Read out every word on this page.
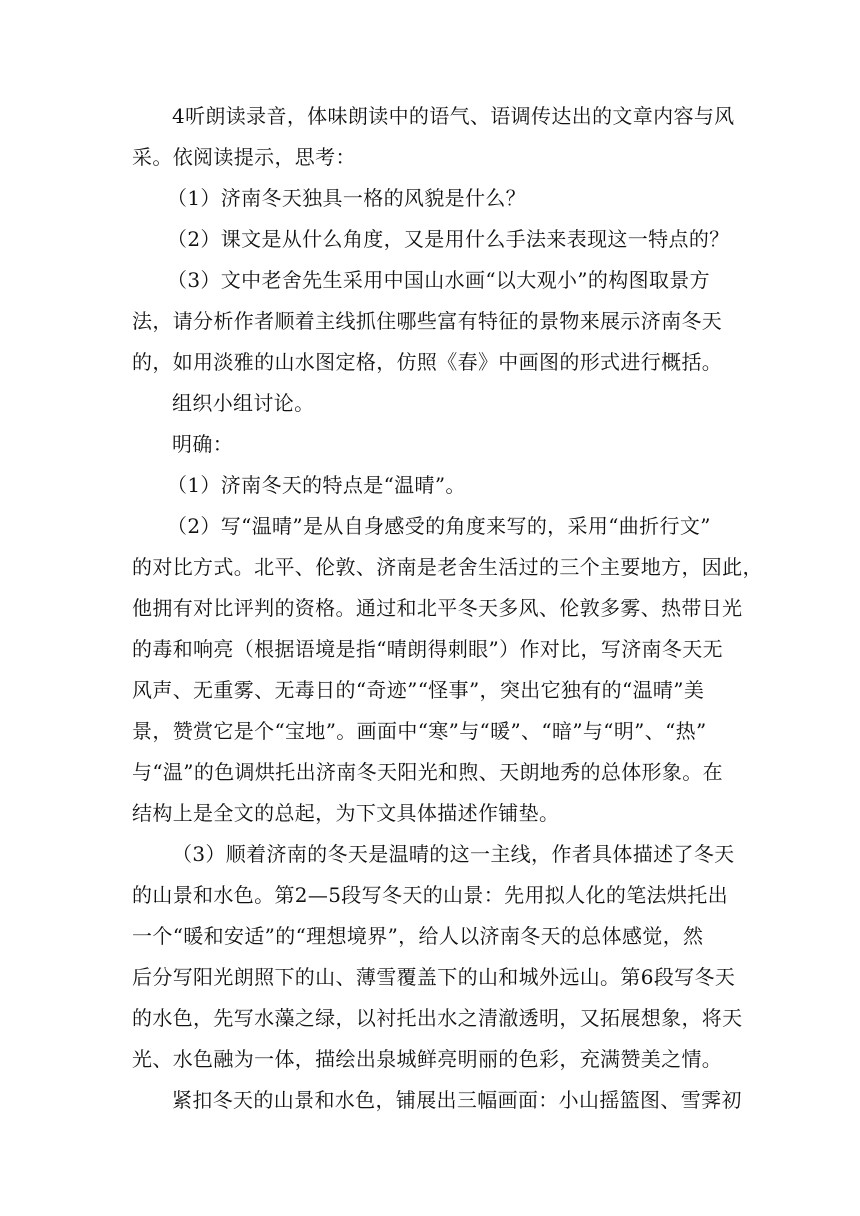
4听朗读录音，体味朗读中的语气、语调传达出的文章内容与风
采。依阅读提示，思考：
（1）济南冬天独具一格的风貌是什么？
（2）课文是从什么角度，又是用什么手法来表现这一特点的？
（3）文中老舍先生采用中国山水画“以大观小”的构图取景方
法，请分析作者顺着主线抓住哪些富有特征的景物来展示济南冬天
的，如用淡雅的山水图定格，仿照《春》中画图的形式进行概括。
组织小组讨论。
明确：
（1）济南冬天的特点是“温晴”。
（2）写“温晴”是从自身感受的角度来写的，采用“曲折行文”
的对比方式。北平、伦敦、济南是老舍生活过的三个主要地方，因此，
他拥有对比评判的资格。通过和北平冬天多风、伦敦多雾、热带日光
的毒和响亮（根据语境是指“晴朗得刺眼”）作对比，写济南冬天无
风声、无重雾、无毒日的“奇迹”“怪事”，突出它独有的“温晴”美
景，赞赏它是个“宝地”。画面中“寒”与“暖”、“暗”与“明”、“热”
与“温”的色调烘托出济南冬天阳光和煦、天朗地秀的总体形象。在
结构上是全文的总起，为下文具体描述作铺垫。
（3）顺着济南的冬天是温晴的这一主线，作者具体描述了冬天
的山景和水色。第2—5段写冬天的山景：先用拟人化的笔法烘托出
一个“暖和安适”的“理想境界”，给人以济南冬天的总体感觉，然
后分写阳光朗照下的山、薄雪覆盖下的山和城外远山。第6段写冬天
的水色，先写水藻之绿，以衬托出水之清澈透明，又拓展想象，将天
光、水色融为一体，描绘出泉城鲜亮明丽的色彩，充满赞美之情。
紧扣冬天的山景和水色，铺展出三幅画面：小山摇篮图、雪霁初
